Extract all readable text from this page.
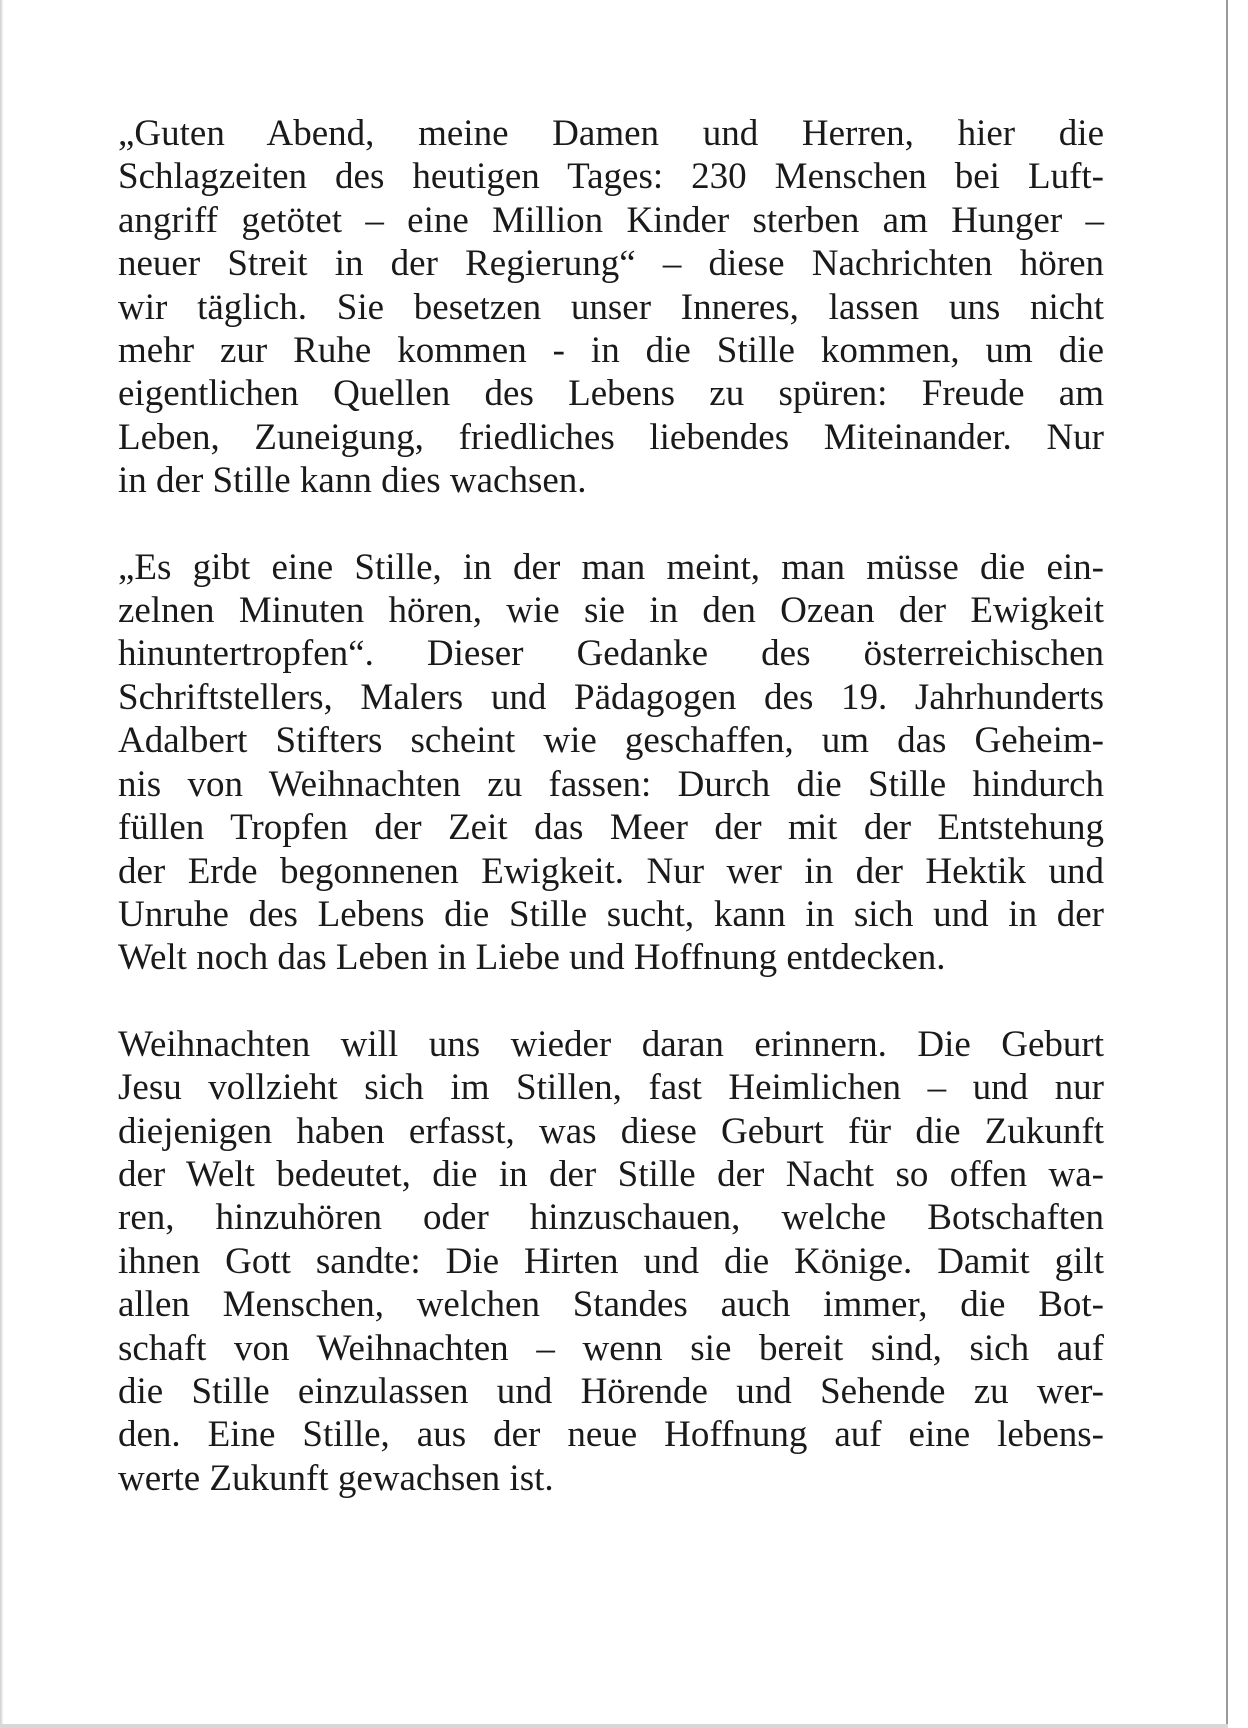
„Guten Abend, meine Damen und Herren, hier die
Schlagzeiten des heutigen Tages: 230 Menschen bei Luft-
angriff getötet – eine Million Kinder sterben am Hunger –
neuer Streit in der Regierung“ – diese Nachrichten hören
wir täglich. Sie besetzen unser Inneres, lassen uns nicht
mehr zur Ruhe kommen - in die Stille kommen, um die
eigentlichen Quellen des Lebens zu spüren: Freude am
Leben, Zuneigung, friedliches liebendes Miteinander. Nur
in der Stille kann dies wachsen.
„Es gibt eine Stille, in der man meint, man müsse die ein-
zelnen Minuten hören, wie sie in den Ozean der Ewigkeit
hinuntertropfen“. Dieser Gedanke des österreichischen
Schriftstellers, Malers und Pädagogen des 19. Jahrhunderts
Adalbert Stifters scheint wie geschaffen, um das Geheim-
nis von Weihnachten zu fassen: Durch die Stille hindurch
füllen Tropfen der Zeit das Meer der mit der Entstehung
der Erde begonnenen Ewigkeit. Nur wer in der Hektik und
Unruhe des Lebens die Stille sucht, kann in sich und in der
Welt noch das Leben in Liebe und Hoffnung entdecken.
Weihnachten will uns wieder daran erinnern. Die Geburt
Jesu vollzieht sich im Stillen, fast Heimlichen – und nur
diejenigen haben erfasst, was diese Geburt für die Zukunft
der Welt bedeutet, die in der Stille der Nacht so offen wa-
ren, hinzuhören oder hinzuschauen, welche Botschaften
ihnen Gott sandte: Die Hirten und die Könige. Damit gilt
allen Menschen, welchen Standes auch immer, die Bot-
schaft von Weihnachten – wenn sie bereit sind, sich auf
die Stille einzulassen und Hörende und Sehende zu wer-
den. Eine Stille, aus der neue Hoffnung auf eine lebens-
werte Zukunft gewachsen ist.
